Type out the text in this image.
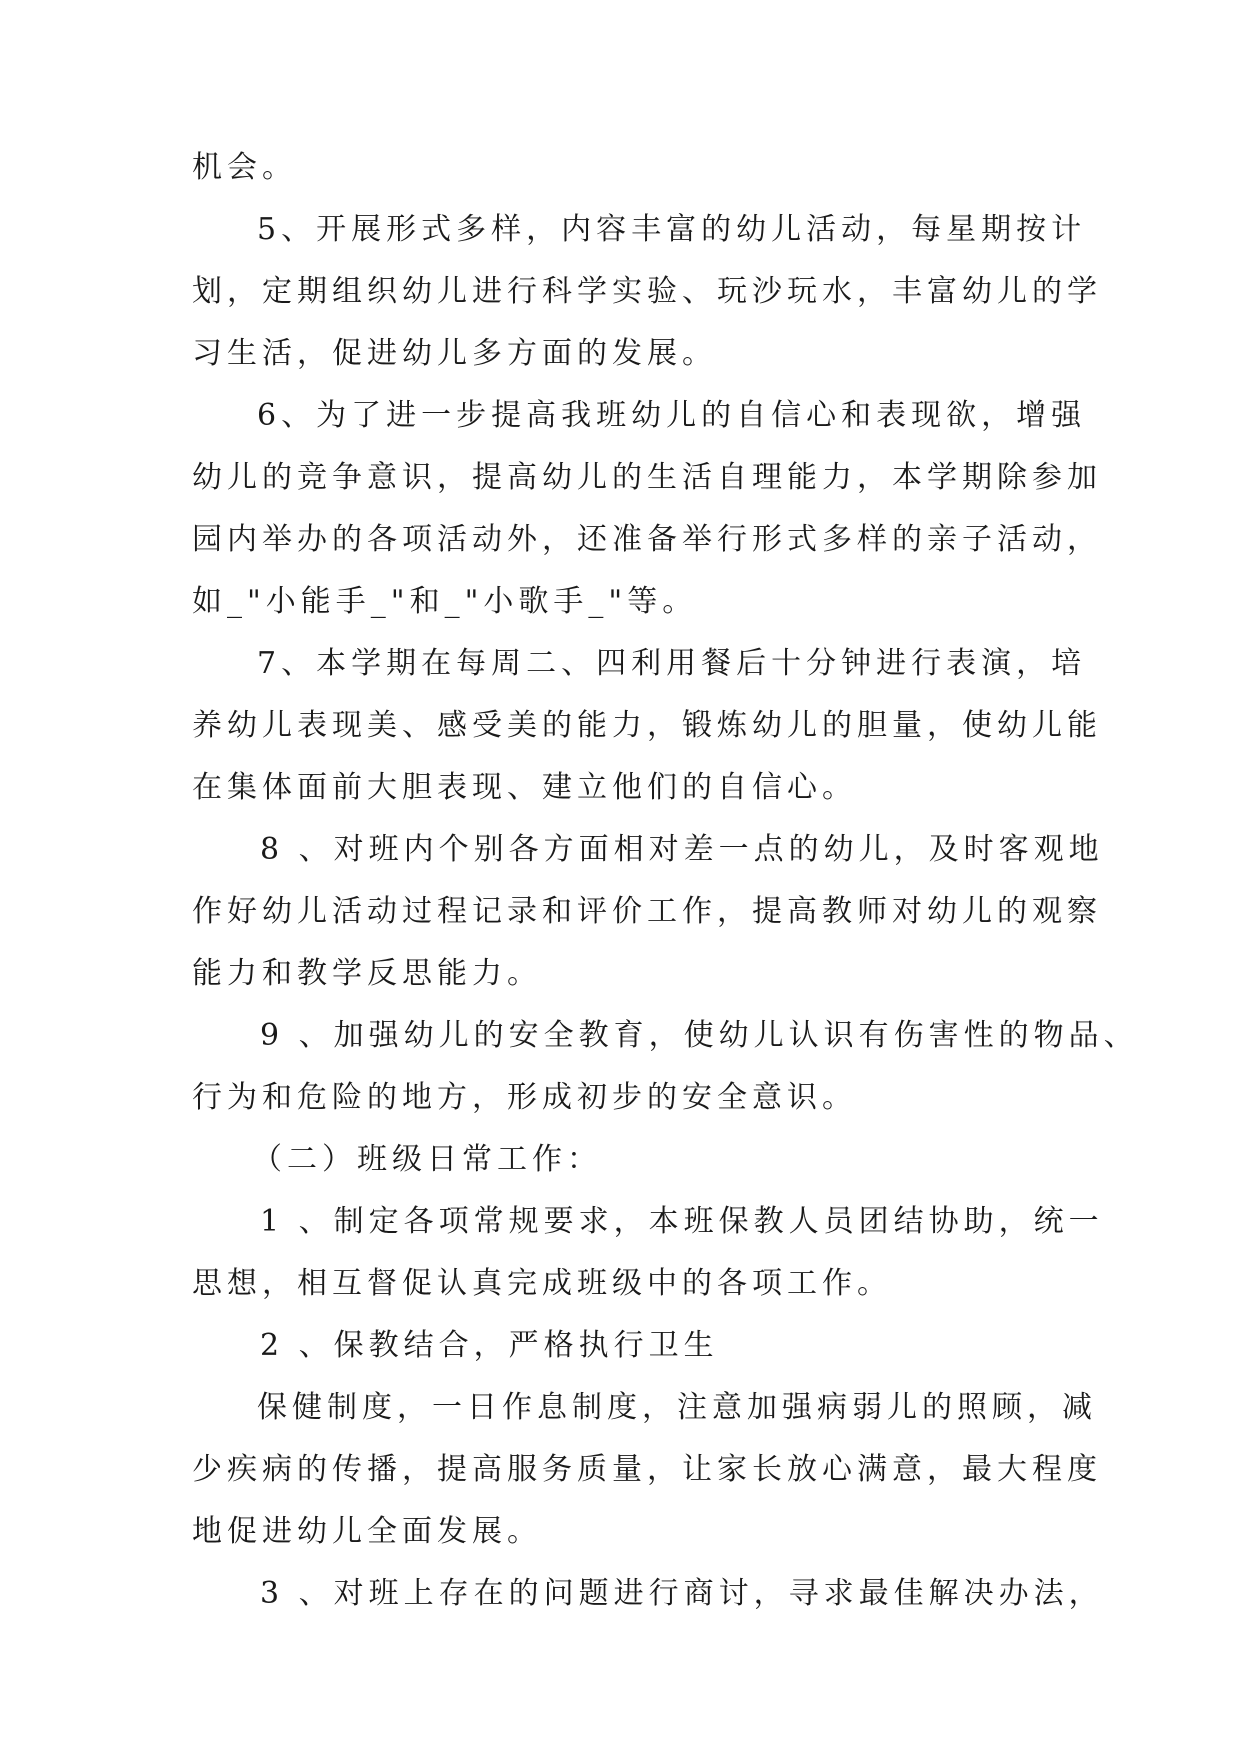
机会。

5、开展形式多样，内容丰富的幼儿活动，每星期按计

划，定期组织幼儿进行科学实验、玩沙玩水，丰富幼儿的学

习生活，促进幼儿多方面的发展。

6、为了进一步提高我班幼儿的自信心和表现欲，增强

幼儿的竞争意识，提高幼儿的生活自理能力，本学期除参加

园内举办的各项活动外，还准备举行形式多样的亲子活动，

如_"小能手_"和_"小歌手_"等。

7、本学期在每周二、四利用餐后十分钟进行表演，培

养幼儿表现美、感受美的能力，锻炼幼儿的胆量，使幼儿能

在集体面前大胆表现、建立他们的自信心。

8 、对班内个别各方面相对差一点的幼儿，及时客观地

作好幼儿活动过程记录和评价工作，提高教师对幼儿的观察

能力和教学反思能力。

9 、加强幼儿的安全教育，使幼儿认识有伤害性的物品、

行为和危险的地方，形成初步的安全意识。

（二）班级日常工作：

1 、制定各项常规要求，本班保教人员团结协助，统一

思想，相互督促认真完成班级中的各项工作。

2 、保教结合，严格执行卫生

保健制度，一日作息制度，注意加强病弱儿的照顾，减

少疾病的传播，提高服务质量，让家长放心满意，最大程度

地促进幼儿全面发展。

3 、对班上存在的问题进行商讨，寻求最佳解决办法，
